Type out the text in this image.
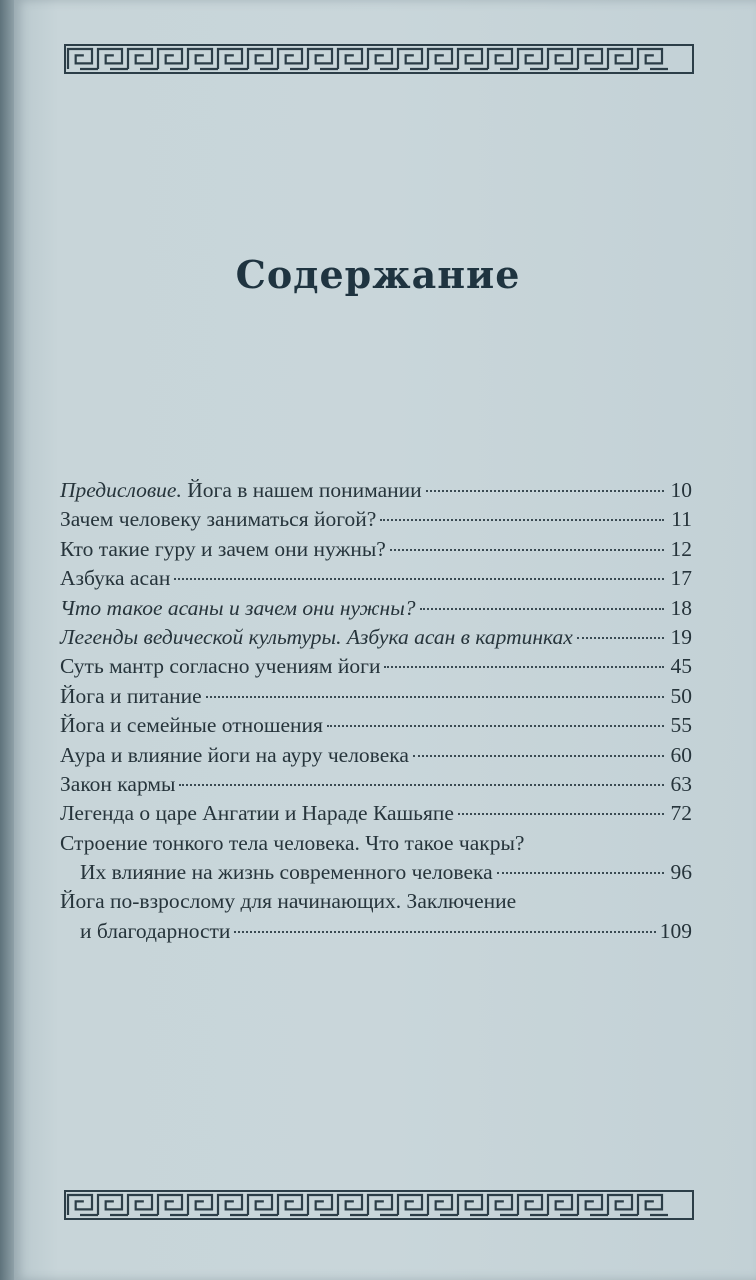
Содержание
Предисловие. Йога в нашем понимании	10
Зачем человеку заниматься йогой?	11
Кто такие гуру и зачем они нужны?	12
Азбука асан	17
Что такое асаны и зачем они нужны?	18
Легенды ведической культуры. Азбука асан в картинках	19
Суть мантр согласно учениям йоги	45
Йога и питание	50
Йога и семейные отношения	55
Аура и влияние йоги на ауру человека	60
Закон кармы	63
Легенда о царе Ангатии и Нараде Кашьяпе	72
Строение тонкого тела человека. Что такое чакры?
Их влияние на жизнь современного человека	96
Йога по-взрослому для начинающих. Заключение
и благодарности	109
